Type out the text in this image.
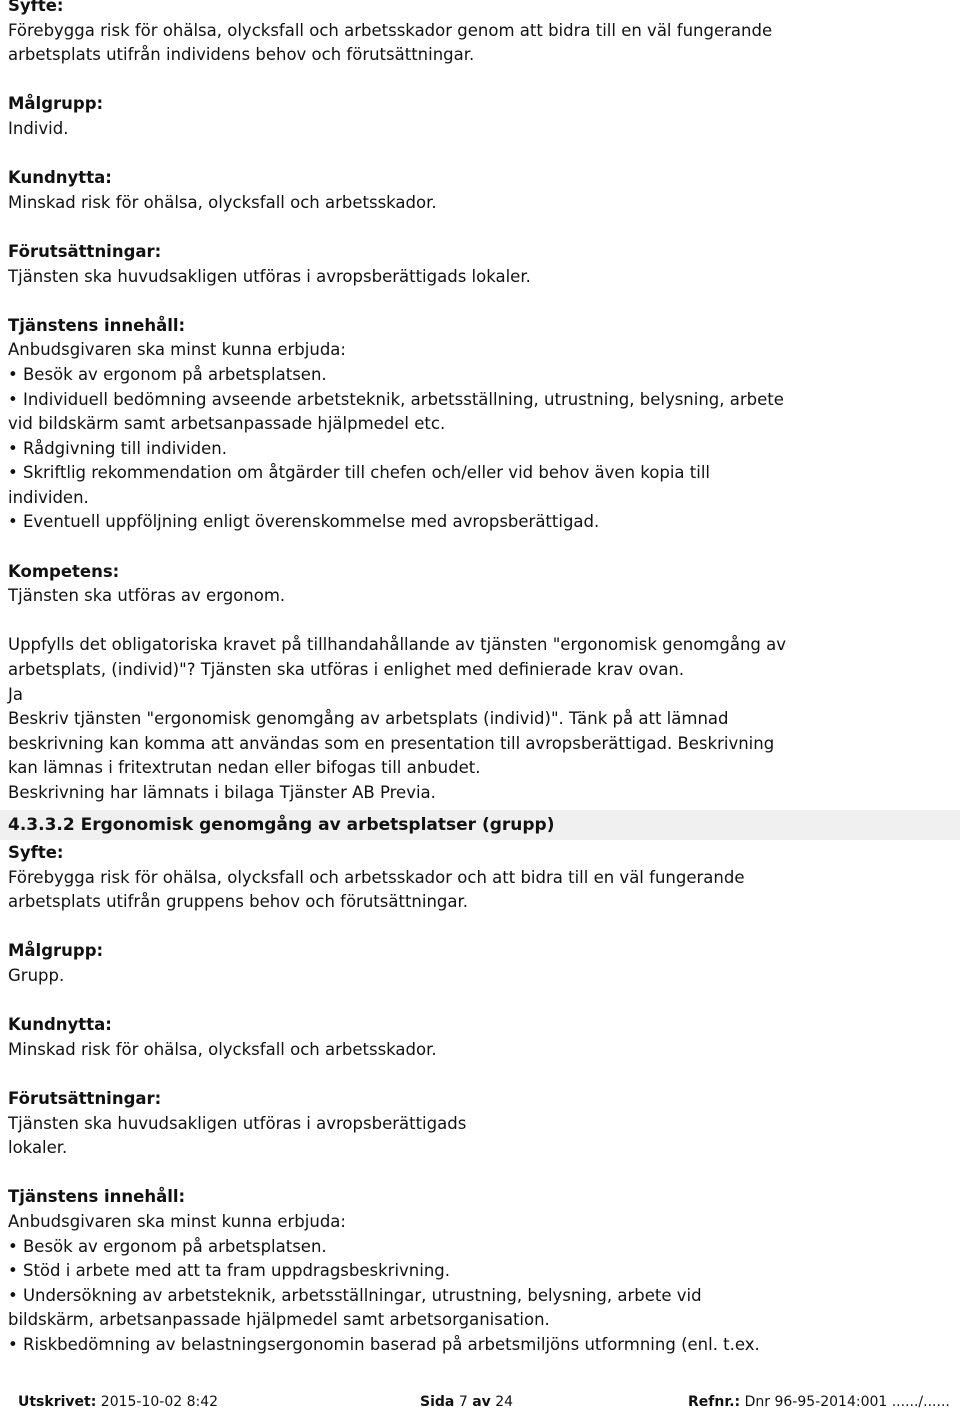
Syfte:
Förebygga risk för ohälsa, olycksfall och arbetsskador genom att bidra till en väl fungerande
arbetsplats utifrån individens behov och förutsättningar.

Målgrupp:
Individ.

Kundnytta:
Minskad risk för ohälsa, olycksfall och arbetsskador.

Förutsättningar:
Tjänsten ska huvudsakligen utföras i avropsberättigads lokaler.

Tjänstens innehåll:
Anbudsgivaren ska minst kunna erbjuda:
• Besök av ergonom på arbetsplatsen.
• Individuell bedömning avseende arbetsteknik, arbetsställning, utrustning, belysning, arbete
vid bildskärm samt arbetsanpassade hjälpmedel etc.
• Rådgivning till individen.
• Skriftlig rekommendation om åtgärder till chefen och/eller vid behov även kopia till
individen.
• Eventuell uppföljning enligt överenskommelse med avropsberättigad.

Kompetens:
Tjänsten ska utföras av ergonom.

Uppfylls det obligatoriska kravet på tillhandahållande av tjänsten "ergonomisk genomgång av
arbetsplats, (individ)"? Tjänsten ska utföras i enlighet med definierade krav ovan.
Ja
Beskriv tjänsten "ergonomisk genomgång av arbetsplats (individ)". Tänk på att lämnad
beskrivning kan komma att användas som en presentation till avropsberättigad. Beskrivning
kan lämnas i fritextrutan nedan eller bifogas till anbudet.
Beskrivning har lämnats i bilaga Tjänster AB Previa.
4.3.3.2 Ergonomisk genomgång av arbetsplatser (grupp)
Syfte:
Förebygga risk för ohälsa, olycksfall och arbetsskador och att bidra till en väl fungerande
arbetsplats utifrån gruppens behov och förutsättningar.

Målgrupp:
Grupp.

Kundnytta:
Minskad risk för ohälsa, olycksfall och arbetsskador.

Förutsättningar:
Tjänsten ska huvudsakligen utföras i avropsberättigads
lokaler.

Tjänstens innehåll:
Anbudsgivaren ska minst kunna erbjuda:
• Besök av ergonom på arbetsplatsen.
• Stöd i arbete med att ta fram uppdragsbeskrivning.
• Undersökning av arbetsteknik, arbetsställningar, utrustning, belysning, arbete vid
bildskärm, arbetsanpassade hjälpmedel samt arbetsorganisation.
• Riskbedömning av belastningsergonomin baserad på arbetsmiljöns utformning (enl. t.ex.
Utskrivet: 2015-10-02 8:42	Sida 7 av 24	Refnr.: Dnr 96-95-2014:001 ....../......
